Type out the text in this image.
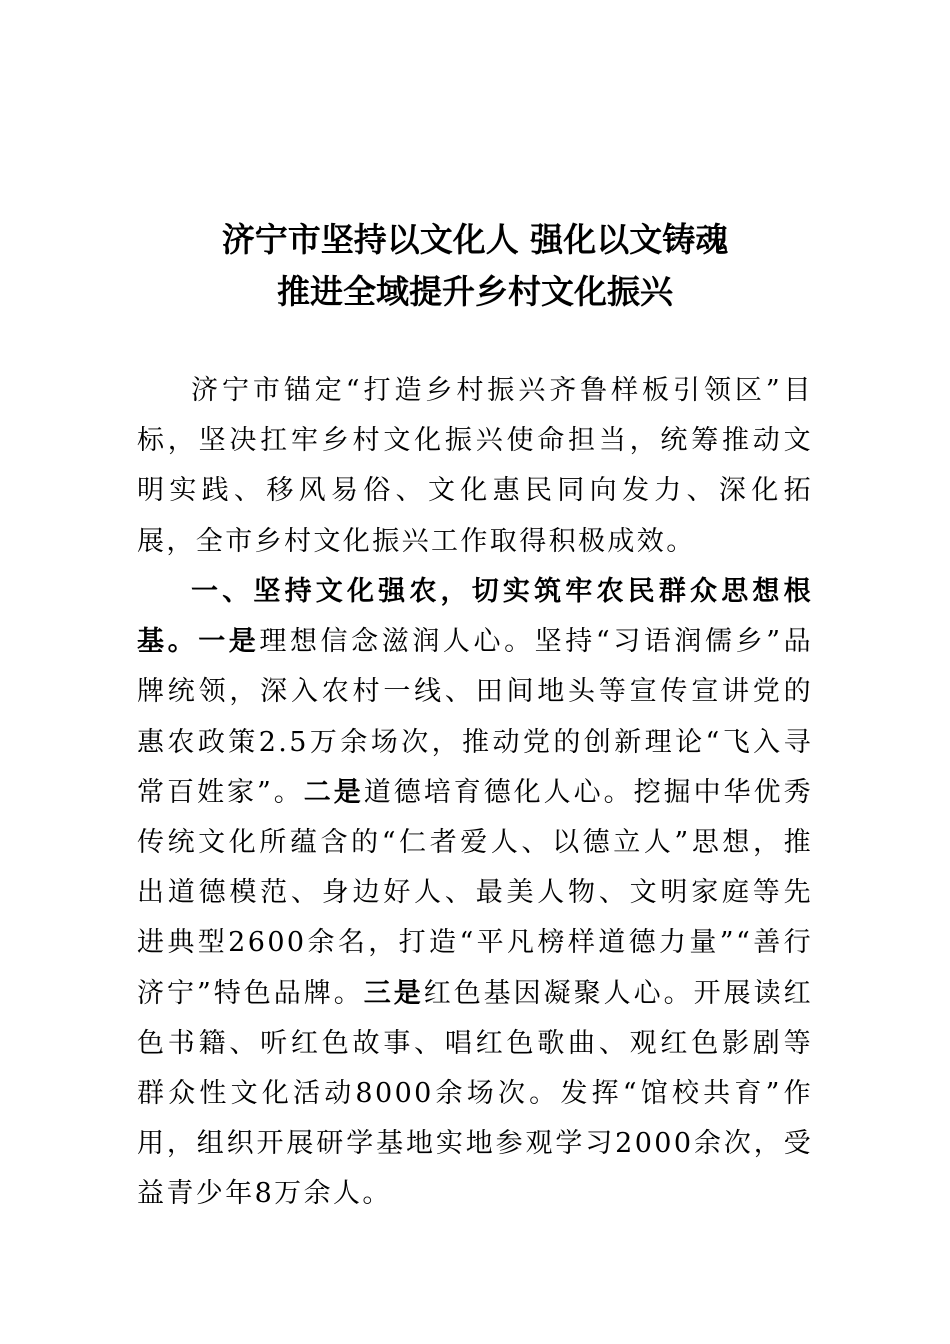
济宁市坚持以文化人 强化以文铸魂
推进全域提升乡村文化振兴

济宁市锚定“打造乡村振兴齐鲁样板引领区”目标，坚决扛牢乡村文化振兴使命担当，统筹推动文明实践、移风易俗、文化惠民同向发力、深化拓展，全市乡村文化振兴工作取得积极成效。

一、坚持文化强农，切实筑牢农民群众思想根基。一是理想信念滋润人心。坚持“习语润儒乡”品牌统领，深入农村一线、田间地头等宣传宣讲党的惠农政策2.5万余场次，推动党的创新理论“飞入寻常百姓家”。二是道德培育德化人心。挖掘中华优秀传统文化所蕴含的“仁者爱人、以德立人”思想，推出道德模范、身边好人、最美人物、文明家庭等先进典型2600余名，打造“平凡榜样道德力量”“善行济宁”特色品牌。三是红色基因凝聚人心。开展读红色书籍、听红色故事、唱红色歌曲、观红色影剧等群众性文化活动8000余场次。发挥“馆校共育”作用，组织开展研学基地实地参观学习2000余次，受益青少年8万余人。
